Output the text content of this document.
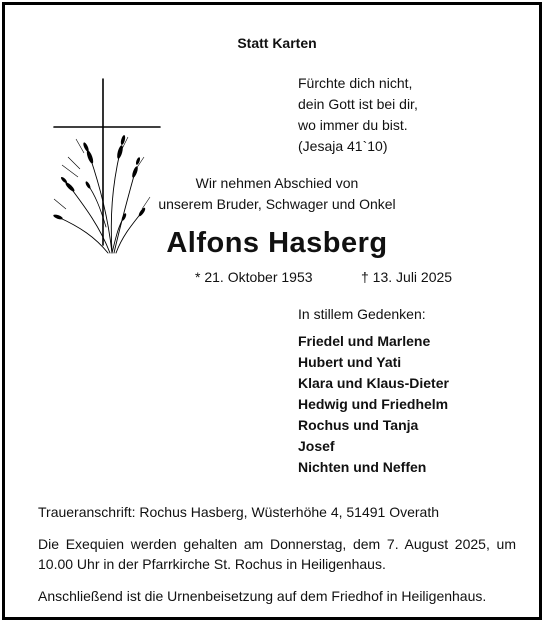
Statt Karten
Fürchte dich nicht,
dein Gott ist bei dir,
wo immer du bist.
(Jesaja 41`10)
Wir nehmen Abschied von
unserem Bruder, Schwager und Onkel
Alfons Hasberg
* 21. Oktober 1953	† 13. Juli 2025
In stillem Gedenken:
Friedel und Marlene
Hubert und Yati
Klara und Klaus-Dieter
Hedwig und Friedhelm
Rochus und Tanja
Josef
Nichten und Neffen
Traueranschrift: Rochus Hasberg, Wüsterhöhe 4, 51491 Overath
Die Exequien werden gehalten am Donnerstag, dem 7. August 2025, um 10.00 Uhr in der Pfarrkirche St. Rochus in Heiligenhaus.
Anschließend ist die Urnenbeisetzung auf dem Friedhof in Heiligenhaus.
